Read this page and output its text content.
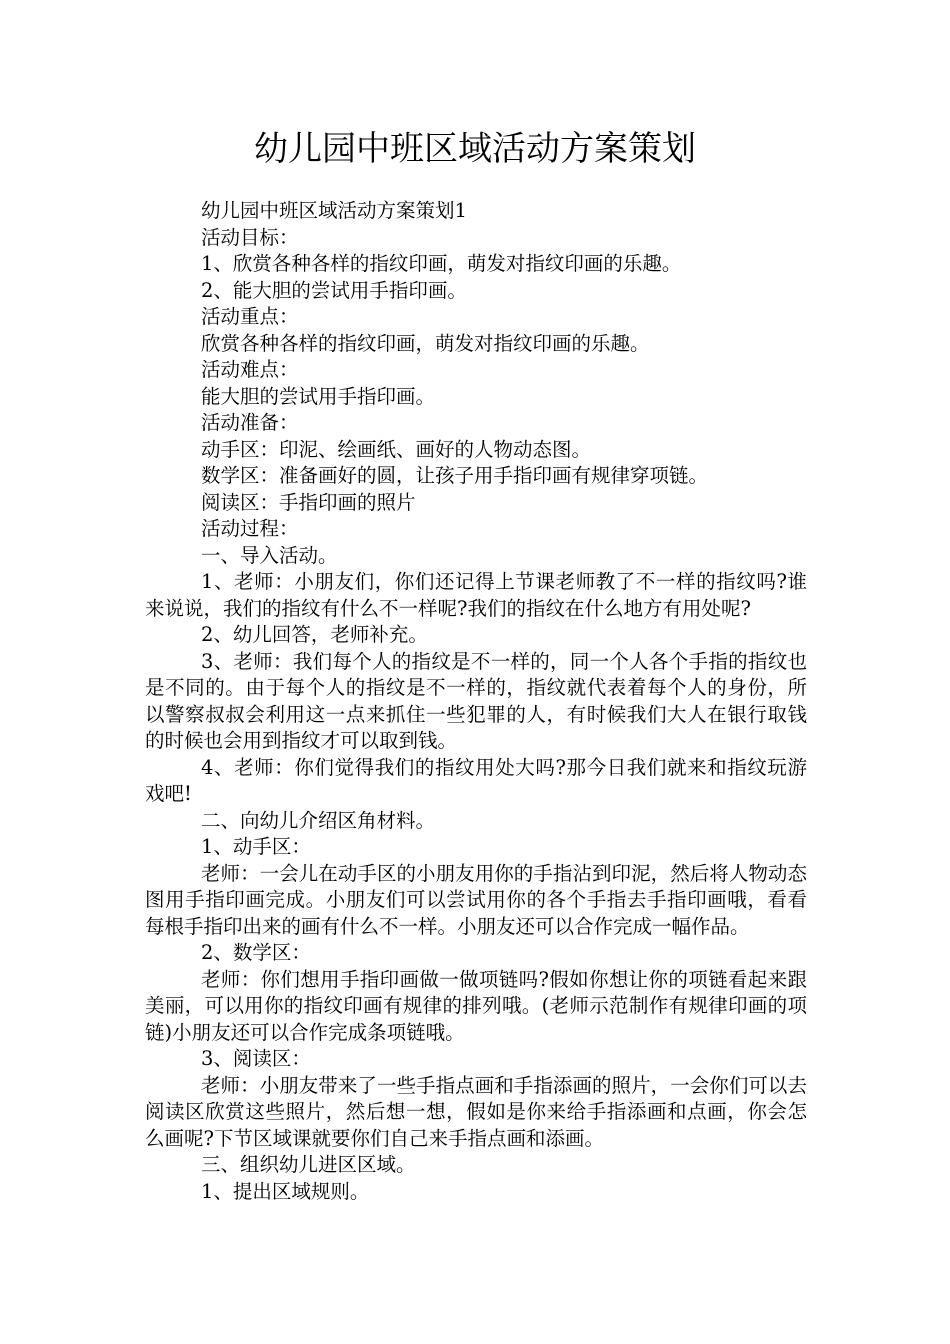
幼儿园中班区域活动方案策划

幼儿园中班区域活动方案策划1

活动目标：

1、欣赏各种各样的指纹印画，萌发对指纹印画的乐趣。

2、能大胆的尝试用手指印画。

活动重点：

欣赏各种各样的指纹印画，萌发对指纹印画的乐趣。

活动难点：

能大胆的尝试用手指印画。

活动准备：

动手区：印泥、绘画纸、画好的人物动态图。

数学区：准备画好的圆，让孩子用手指印画有规律穿项链。

阅读区：手指印画的照片

活动过程：

一、导入活动。

1、老师：小朋友们，你们还记得上节课老师教了不一样的指纹吗?谁来说说，我们的指纹有什么不一样呢?我们的指纹在什么地方有用处呢?

2、幼儿回答，老师补充。

3、老师：我们每个人的指纹是不一样的，同一个人各个手指的指纹也是不同的。由于每个人的指纹是不一样的，指纹就代表着每个人的身份，所以警察叔叔会利用这一点来抓住一些犯罪的人，有时候我们大人在银行取钱的时候也会用到指纹才可以取到钱。

4、老师：你们觉得我们的指纹用处大吗?那今日我们就来和指纹玩游戏吧!

二、向幼儿介绍区角材料。

1、动手区：

老师：一会儿在动手区的小朋友用你的手指沾到印泥，然后将人物动态图用手指印画完成。小朋友们可以尝试用你的各个手指去手指印画哦，看看每根手指印出来的画有什么不一样。小朋友还可以合作完成一幅作品。

2、数学区：

老师：你们想用手指印画做一做项链吗?假如你想让你的项链看起来跟美丽，可以用你的指纹印画有规律的排列哦。(老师示范制作有规律印画的项链)小朋友还可以合作完成条项链哦。

3、阅读区：

老师：小朋友带来了一些手指点画和手指添画的照片，一会你们可以去阅读区欣赏这些照片，然后想一想，假如是你来给手指添画和点画，你会怎么画呢?下节区域课就要你们自己来手指点画和添画。

三、组织幼儿进区区域。

1、提出区域规则。
